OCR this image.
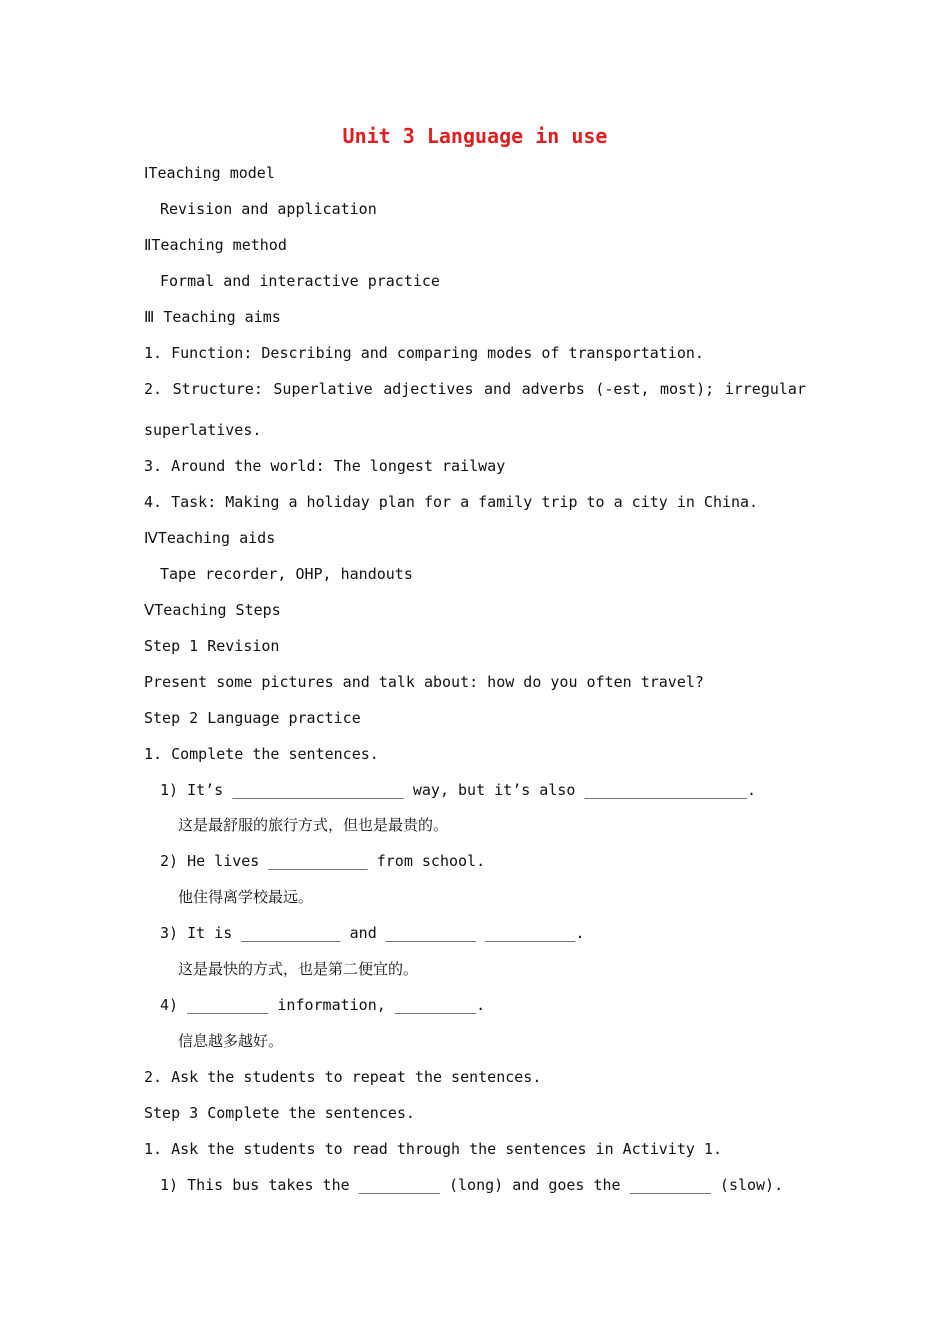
Unit 3 Language in use
ⅠTeaching model
Revision and application
ⅡTeaching method
Formal and interactive practice
Ⅲ Teaching aims
1. Function: Describing and comparing modes of transportation.
2. Structure: Superlative adjectives and adverbs (-est, most); irregular
superlatives.
3. Around the world: The longest railway
4. Task: Making a holiday plan for a family trip to a city in China.
ⅣTeaching aids
Tape recorder, OHP, handouts
ⅤTeaching Steps
Step 1 Revision
Present some pictures and talk about: how do you often travel?
Step 2 Language practice
1. Complete the sentences.
1) It’s ___________________ way, but it’s also __________________.
这是最舒服的旅行方式，但也是最贵的。
2) He lives ___________ from school.
他住得离学校最远。
3) It is ___________ and __________ __________.
这是最快的方式，也是第二便宜的。
4) _________ information, _________.
信息越多越好。
2. Ask the students to repeat the sentences.
Step 3 Complete the sentences.
1. Ask the students to read through the sentences in Activity 1.
1) This bus takes the _________ (long) and goes the _________ (slow).
